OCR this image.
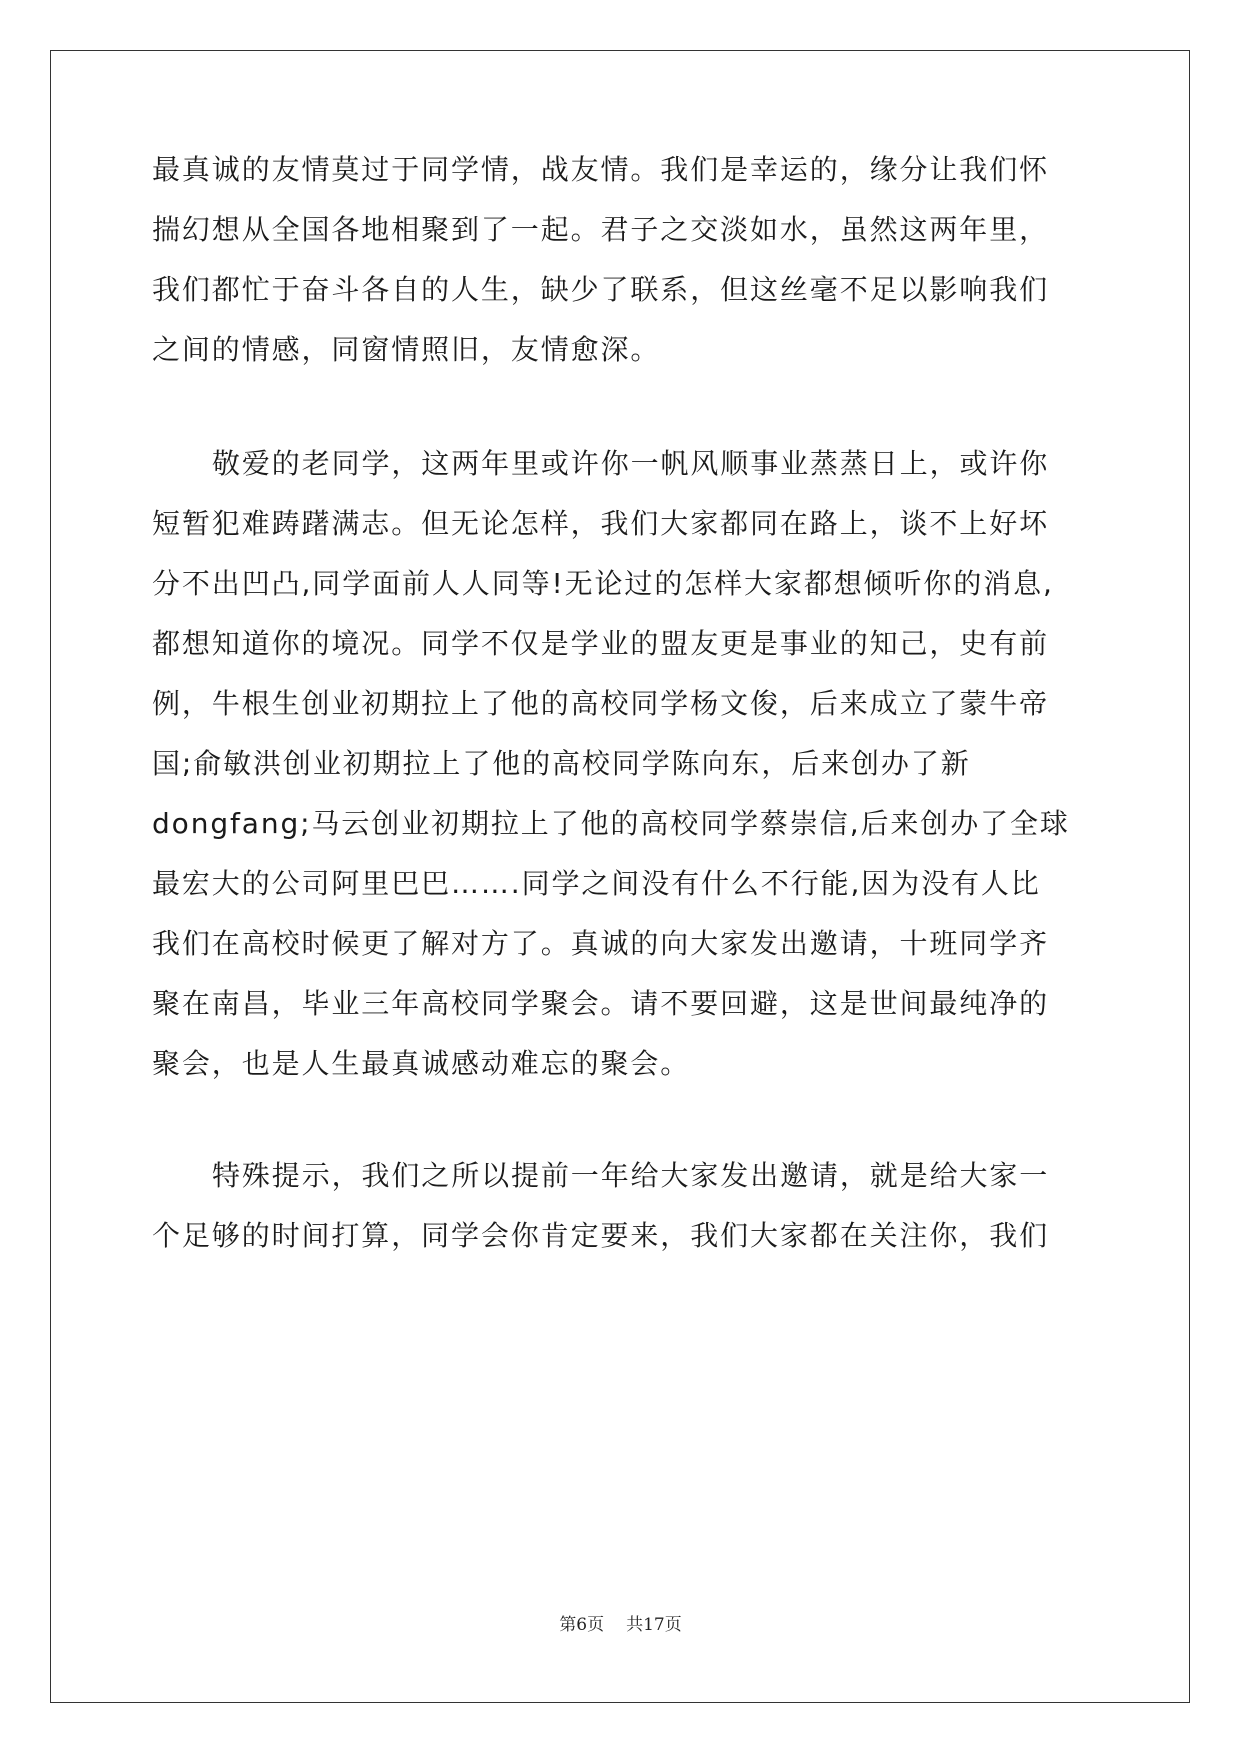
最真诚的友情莫过于同学情，战友情。我们是幸运的，缘分让我们怀
揣幻想从全国各地相聚到了一起。君子之交淡如水，虽然这两年里，
我们都忙于奋斗各自的人生，缺少了联系，但这丝毫不足以影响我们
之间的情感，同窗情照旧，友情愈深。
敬爱的老同学，这两年里或许你一帆风顺事业蒸蒸日上，或许你
短暂犯难踌躇满志。但无论怎样，我们大家都同在路上，谈不上好坏
分不出凹凸,同学面前人人同等!无论过的怎样大家都想倾听你的消息,
都想知道你的境况。同学不仅是学业的盟友更是事业的知己，史有前
例，牛根生创业初期拉上了他的高校同学杨文俊，后来成立了蒙牛帝
国;俞敏洪创业初期拉上了他的高校同学陈向东，后来创办了新
dongfang;马云创业初期拉上了他的高校同学蔡崇信,后来创办了全球
最宏大的公司阿里巴巴…….同学之间没有什么不行能,因为没有人比
我们在高校时候更了解对方了。真诚的向大家发出邀请，十班同学齐
聚在南昌，毕业三年高校同学聚会。请不要回避，这是世间最纯净的
聚会，也是人生最真诚感动难忘的聚会。
特殊提示，我们之所以提前一年给大家发出邀请，就是给大家一
个足够的时间打算，同学会你肯定要来，我们大家都在关注你，我们
第6页 共17页
